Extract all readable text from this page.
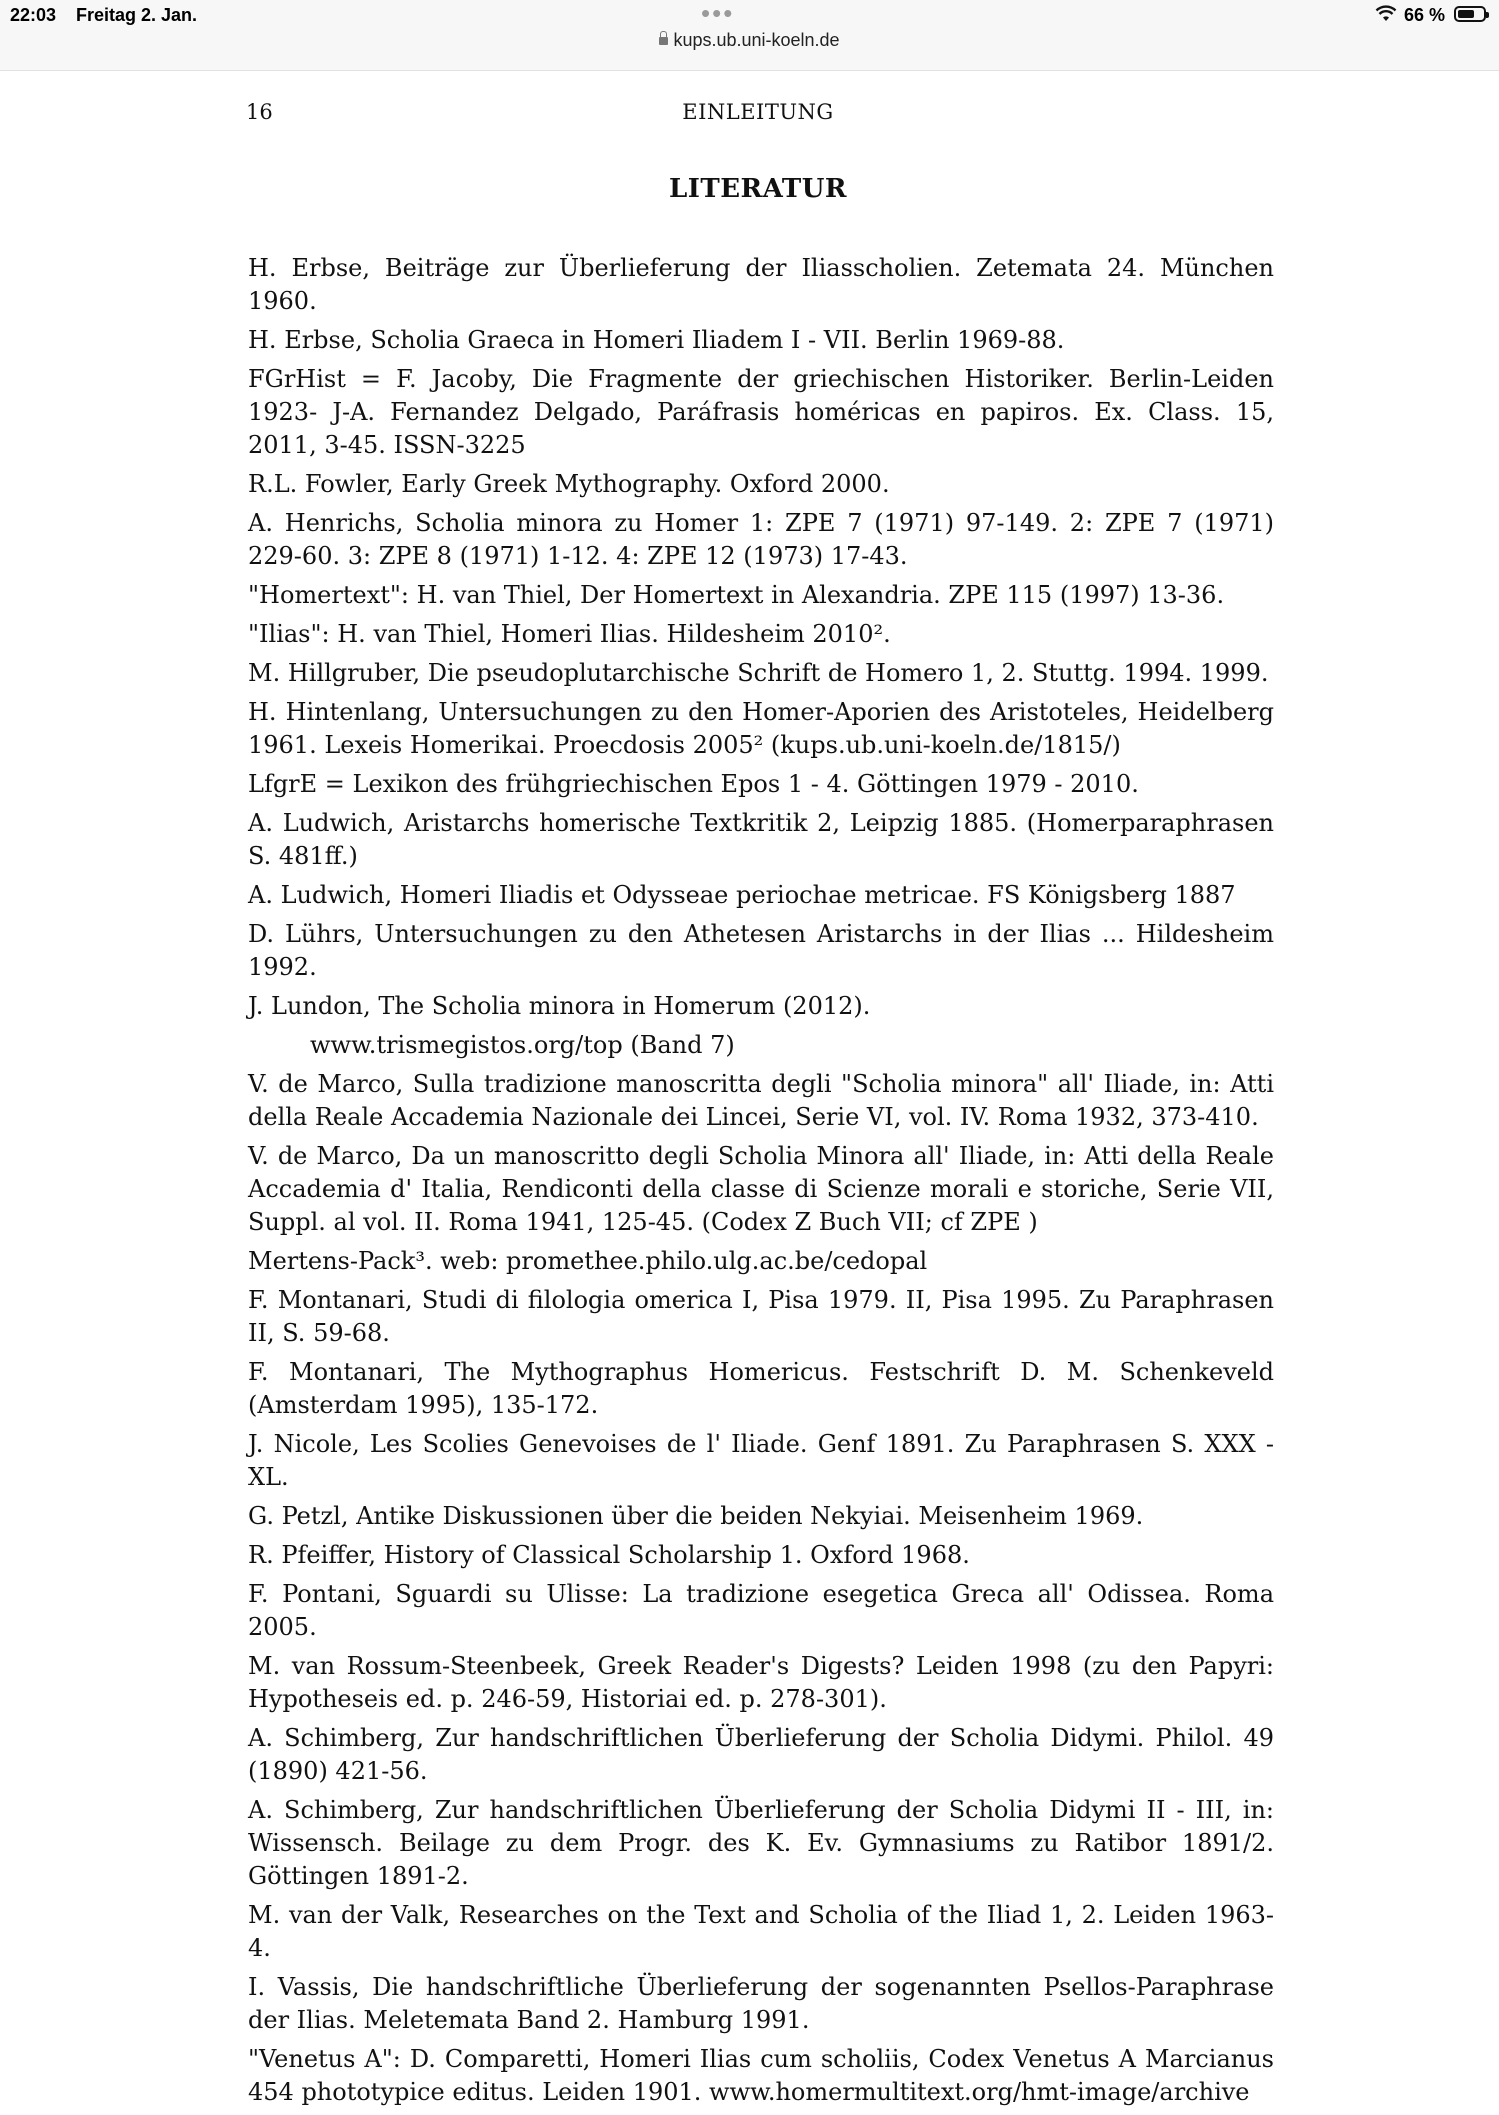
22:03 Freitag 2. Jan.	•••
kups.ub.uni-koeln.de
66 %
16	EINLEITUNG
LITERATUR
H. Erbse, Beiträge zur Überlieferung der Iliasscholien. Zetemata 24. München 1960.
H. Erbse, Scholia Graeca in Homeri Iliadem I - VII. Berlin 1969-88.
FGrHist = F. Jacoby, Die Fragmente der griechischen Historiker. Berlin-Leiden 1923- J-A. Fernandez Delgado, Paráfrasis homéricas en papiros. Ex. Class. 15, 2011, 3-45. ISSN-3225
R.L. Fowler, Early Greek Mythography. Oxford 2000.
A. Henrichs, Scholia minora zu Homer 1: ZPE 7 (1971) 97-149. 2: ZPE 7 (1971) 229-60. 3: ZPE 8 (1971) 1-12. 4: ZPE 12 (1973) 17-43.
"Homertext": H. van Thiel, Der Homertext in Alexandria. ZPE 115 (1997) 13-36.
"Ilias": H. van Thiel, Homeri Ilias. Hildesheim 2010².
M. Hillgruber, Die pseudoplutarchische Schrift de Homero 1, 2. Stuttg. 1994. 1999.
H. Hintenlang, Untersuchungen zu den Homer-Aporien des Aristoteles, Heidelberg 1961. Lexeis Homerikai. Proecdosis 2005² (kups.ub.uni-koeln.de/1815/)
LfgrE = Lexikon des frühgriechischen Epos 1 - 4. Göttingen 1979 - 2010.
A. Ludwich, Aristarchs homerische Textkritik 2, Leipzig 1885. (Homerparaphrasen S. 481ff.)
A. Ludwich, Homeri Iliadis et Odysseae periochae metricae. FS Königsberg 1887
D. Lührs, Untersuchungen zu den Athetesen Aristarchs in der Ilias ... Hildesheim 1992.
J. Lundon, The Scholia minora in Homerum (2012).
www.trismegistos.org/top (Band 7)
V. de Marco, Sulla tradizione manoscritta degli "Scholia minora" all' Iliade, in: Atti della Reale Accademia Nazionale dei Lincei, Serie VI, vol. IV. Roma 1932, 373-410.
V. de Marco, Da un manoscritto degli Scholia Minora all' Iliade, in: Atti della Reale Accademia d' Italia, Rendiconti della classe di Scienze morali e storiche, Serie VII, Suppl. al vol. II. Roma 1941, 125-45. (Codex Z Buch VII; cf ZPE )
Mertens-Pack³. web: promethee.philo.ulg.ac.be/cedopal
F. Montanari, Studi di filologia omerica I, Pisa 1979. II, Pisa 1995. Zu Paraphrasen II, S. 59-68.
F. Montanari, The Mythographus Homericus. Festschrift D. M. Schenkeveld (Amsterdam 1995), 135-172.
J. Nicole, Les Scolies Genevoises de l' Iliade. Genf 1891. Zu Paraphrasen S. XXX - XL.
G. Petzl, Antike Diskussionen über die beiden Nekyiai. Meisenheim 1969.
R. Pfeiffer, History of Classical Scholarship 1. Oxford 1968.
F. Pontani, Sguardi su Ulisse: La tradizione esegetica Greca all' Odissea. Roma 2005.
M. van Rossum-Steenbeek, Greek Reader's Digests? Leiden 1998 (zu den Papyri: Hypotheseis ed. p. 246-59, Historiai ed. p. 278-301).
A. Schimberg, Zur handschriftlichen Überlieferung der Scholia Didymi. Philol. 49 (1890) 421-56.
A. Schimberg, Zur handschriftlichen Überlieferung der Scholia Didymi II - III, in: Wissensch. Beilage zu dem Progr. des K. Ev. Gymnasiums zu Ratibor 1891/2. Göttingen 1891-2.
M. van der Valk, Researches on the Text and Scholia of the Iliad 1, 2. Leiden 1963-4.
I. Vassis, Die handschriftliche Überlieferung der sogenannten Psellos-Paraphrase der Ilias. Meletemata Band 2. Hamburg 1991.
"Venetus A": D. Comparetti, Homeri Ilias cum scholiis, Codex Venetus A Marcianus 454 phototypice editus. Leiden 1901. www.homermultitext.org/hmt-image/archive
